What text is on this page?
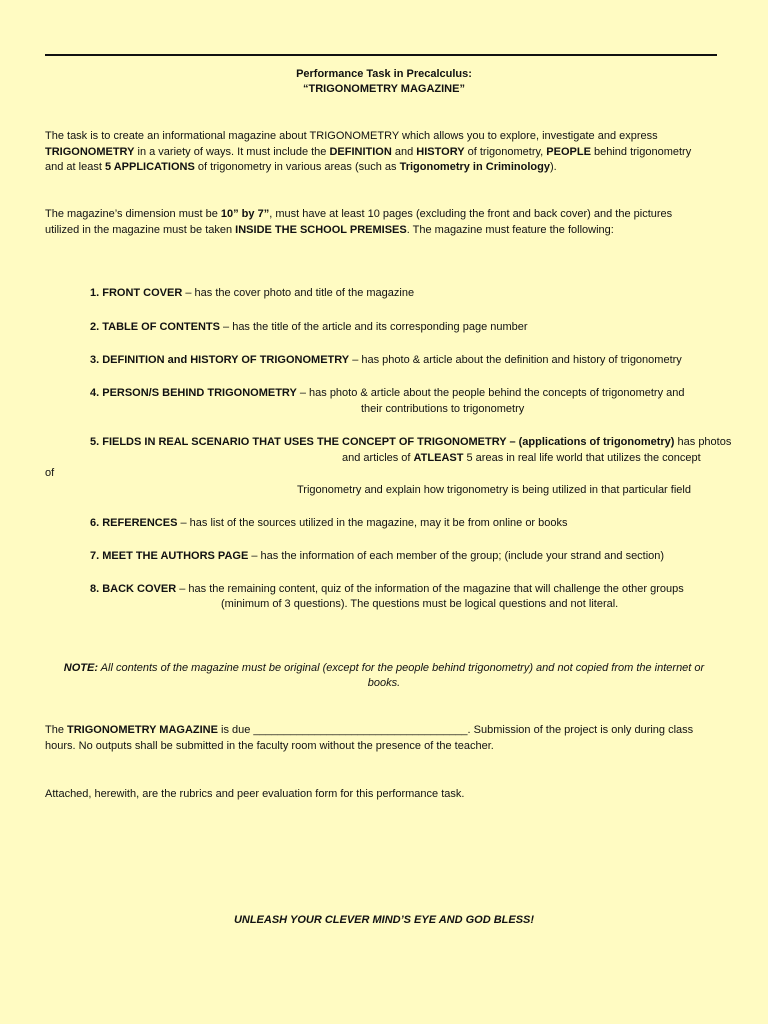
Performance Task in Precalculus:
“TRIGONOMETRY MAGAZINE”
The task is to create an informational magazine about TRIGONOMETRY which allows you to explore, investigate and express
TRIGONOMETRY in a variety of ways. It must include the DEFINITION and HISTORY of trigonometry, PEOPLE behind trigonometry
and at least 5 APPLICATIONS of trigonometry in various areas (such as Trigonometry in Criminology).
The magazine’s dimension must be 10” by 7”, must have at least 10 pages (excluding the front and back cover) and the pictures
utilized in the magazine must be taken INSIDE THE SCHOOL PREMISES. The magazine must feature the following:
1. FRONT COVER – has the cover photo and title of the magazine
2. TABLE OF CONTENTS – has the title of the article and its corresponding page number
3. DEFINITION and HISTORY OF TRIGONOMETRY – has photo & article about the definition and history of trigonometry
4. PERSON/S BEHIND TRIGONOMETRY – has photo & article about the people behind the concepts of trigonometry and
their contributions to trigonometry
5. FIELDS IN REAL SCENARIO THAT USES THE CONCEPT OF TRIGONOMETRY – (applications of trigonometry) has photos
and articles of ATLEAST 5 areas in real life world that utilizes the concept
of
Trigonometry and explain how trigonometry is being utilized in that particular field
6. REFERENCES – has list of the sources utilized in the magazine, may it be from online or books
7. MEET THE AUTHORS PAGE – has the information of each member of the group; (include your strand and section)
8. BACK COVER – has the remaining content, quiz of the information of the magazine that will challenge the other groups
(minimum of 3 questions). The questions must be logical questions and not literal.
NOTE: All contents of the magazine must be original (except for the people behind trigonometry) and not copied from the internet or
books.
The TRIGONOMETRY MAGAZINE is due ___________________________________. Submission of the project is only during class
hours. No outputs shall be submitted in the faculty room without the presence of the teacher.
Attached, herewith, are the rubrics and peer evaluation form for this performance task.
UNLEASH YOUR CLEVER MIND’S EYE AND GOD BLESS!
